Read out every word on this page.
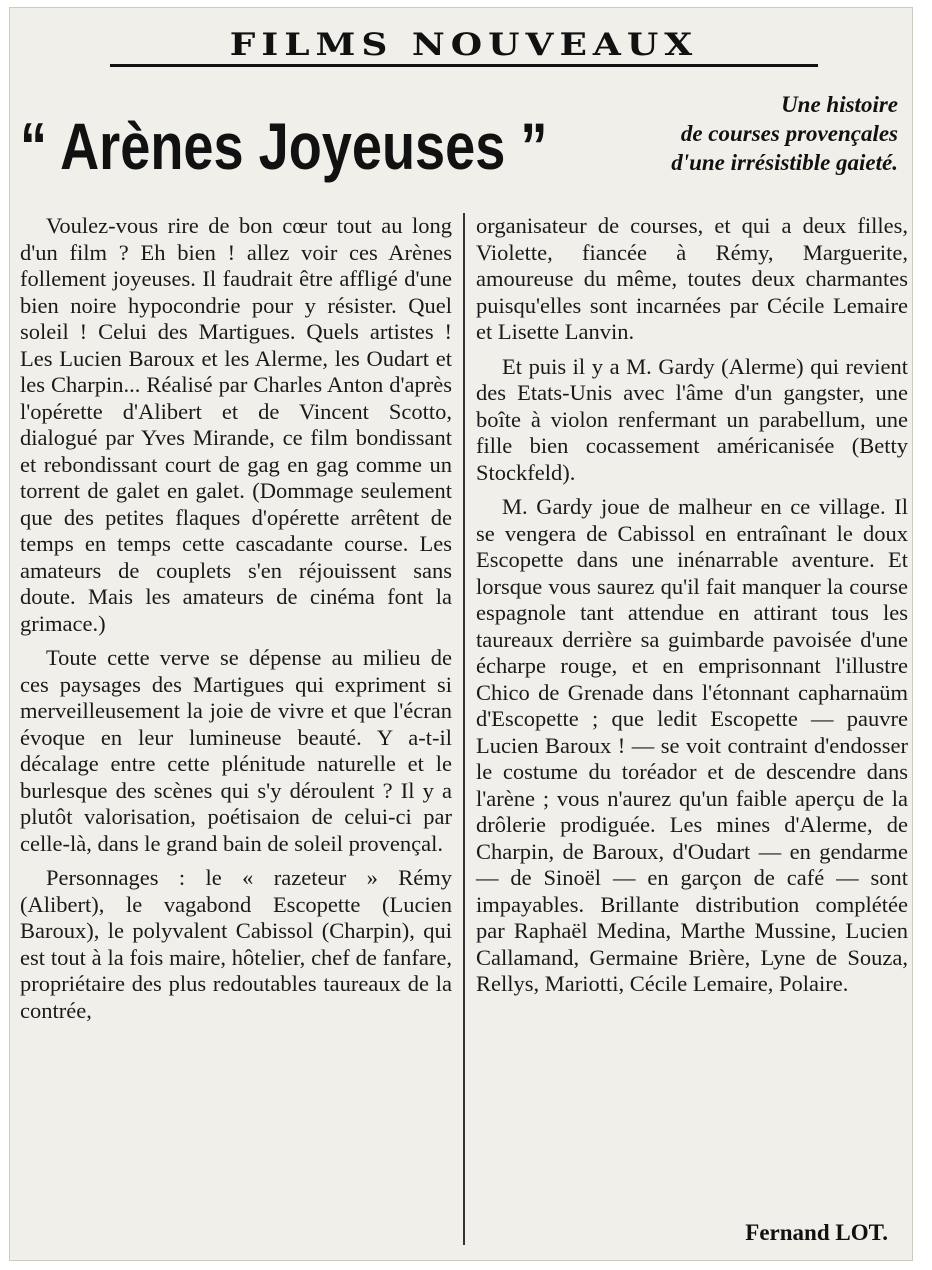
FILMS NOUVEAUX
“ Arènes Joyeuses ”
Une histoire
de courses provençales
d'une irrésistible gaieté.

Voulez-vous rire de bon cœur tout au long d'un film ? Eh bien ! allez voir ces Arènes follement joyeuses. Il faudrait être affligé d'une bien noire hypocondrie pour y résister. Quel soleil ! Celui des Martigues. Quels artistes ! Les Lucien Baroux et les Alerme, les Oudart et les Charpin... Réalisé par Charles Anton d'après l'opérette d'Alibert et de Vincent Scotto, dialogué par Yves Mirande, ce film bondissant et rebondissant court de gag en gag comme un torrent de galet en galet. (Dommage seulement que des petites flaques d'opérette arrêtent de temps en temps cette cascadante course. Les amateurs de couplets s'en réjouissent sans doute. Mais les amateurs de cinéma font la grimace.)

Toute cette verve se dépense au milieu de ces paysages des Martigues qui expriment si merveilleusement la joie de vivre et que l'écran évoque en leur lumineuse beauté. Y a-t-il décalage entre cette plénitude naturelle et le burlesque des scènes qui s'y déroulent ? Il y a plutôt valorisation, poétisaion de celui-ci par celle-là, dans le grand bain de soleil provençal.

Personnages : le « razeteur » Rémy (Alibert), le vagabond Escopette (Lucien Baroux), le polyvalent Cabissol (Charpin), qui est tout à la fois maire, hôtelier, chef de fanfare, propriétaire des plus redoutables taureaux de la contrée,

organisateur de courses, et qui a deux filles, Violette, fiancée à Rémy, Marguerite, amoureuse du même, toutes deux charmantes puisqu'elles sont incarnées par Cécile Lemaire et Lisette Lanvin.

Et puis il y a M. Gardy (Alerme) qui revient des Etats-Unis avec l'âme d'un gangster, une boîte à violon renfermant un parabellum, une fille bien cocassement américanisée (Betty Stockfeld).

M. Gardy joue de malheur en ce village. Il se vengera de Cabissol en entraînant le doux Escopette dans une inénarrable aventure. Et lorsque vous saurez qu'il fait manquer la course espagnole tant attendue en attirant tous les taureaux derrière sa guimbarde pavoisée d'une écharpe rouge, et en emprisonnant l'illustre Chico de Grenade dans l'étonnant capharnaüm d'Escopette ; que ledit Escopette — pauvre Lucien Baroux ! — se voit contraint d'endosser le costume du toréador et de descendre dans l'arène ; vous n'aurez qu'un faible aperçu de la drôlerie prodiguée. Les mines d'Alerme, de Charpin, de Baroux, d'Oudart — en gendarme — de Sinoël — en garçon de café — sont impayables. Brillante distribution complétée par Raphaël Medina, Marthe Mussine, Lucien Callamand, Germaine Brière, Lyne de Souza, Rellys, Mariotti, Cécile Lemaire, Polaire.

Fernand LOT.
